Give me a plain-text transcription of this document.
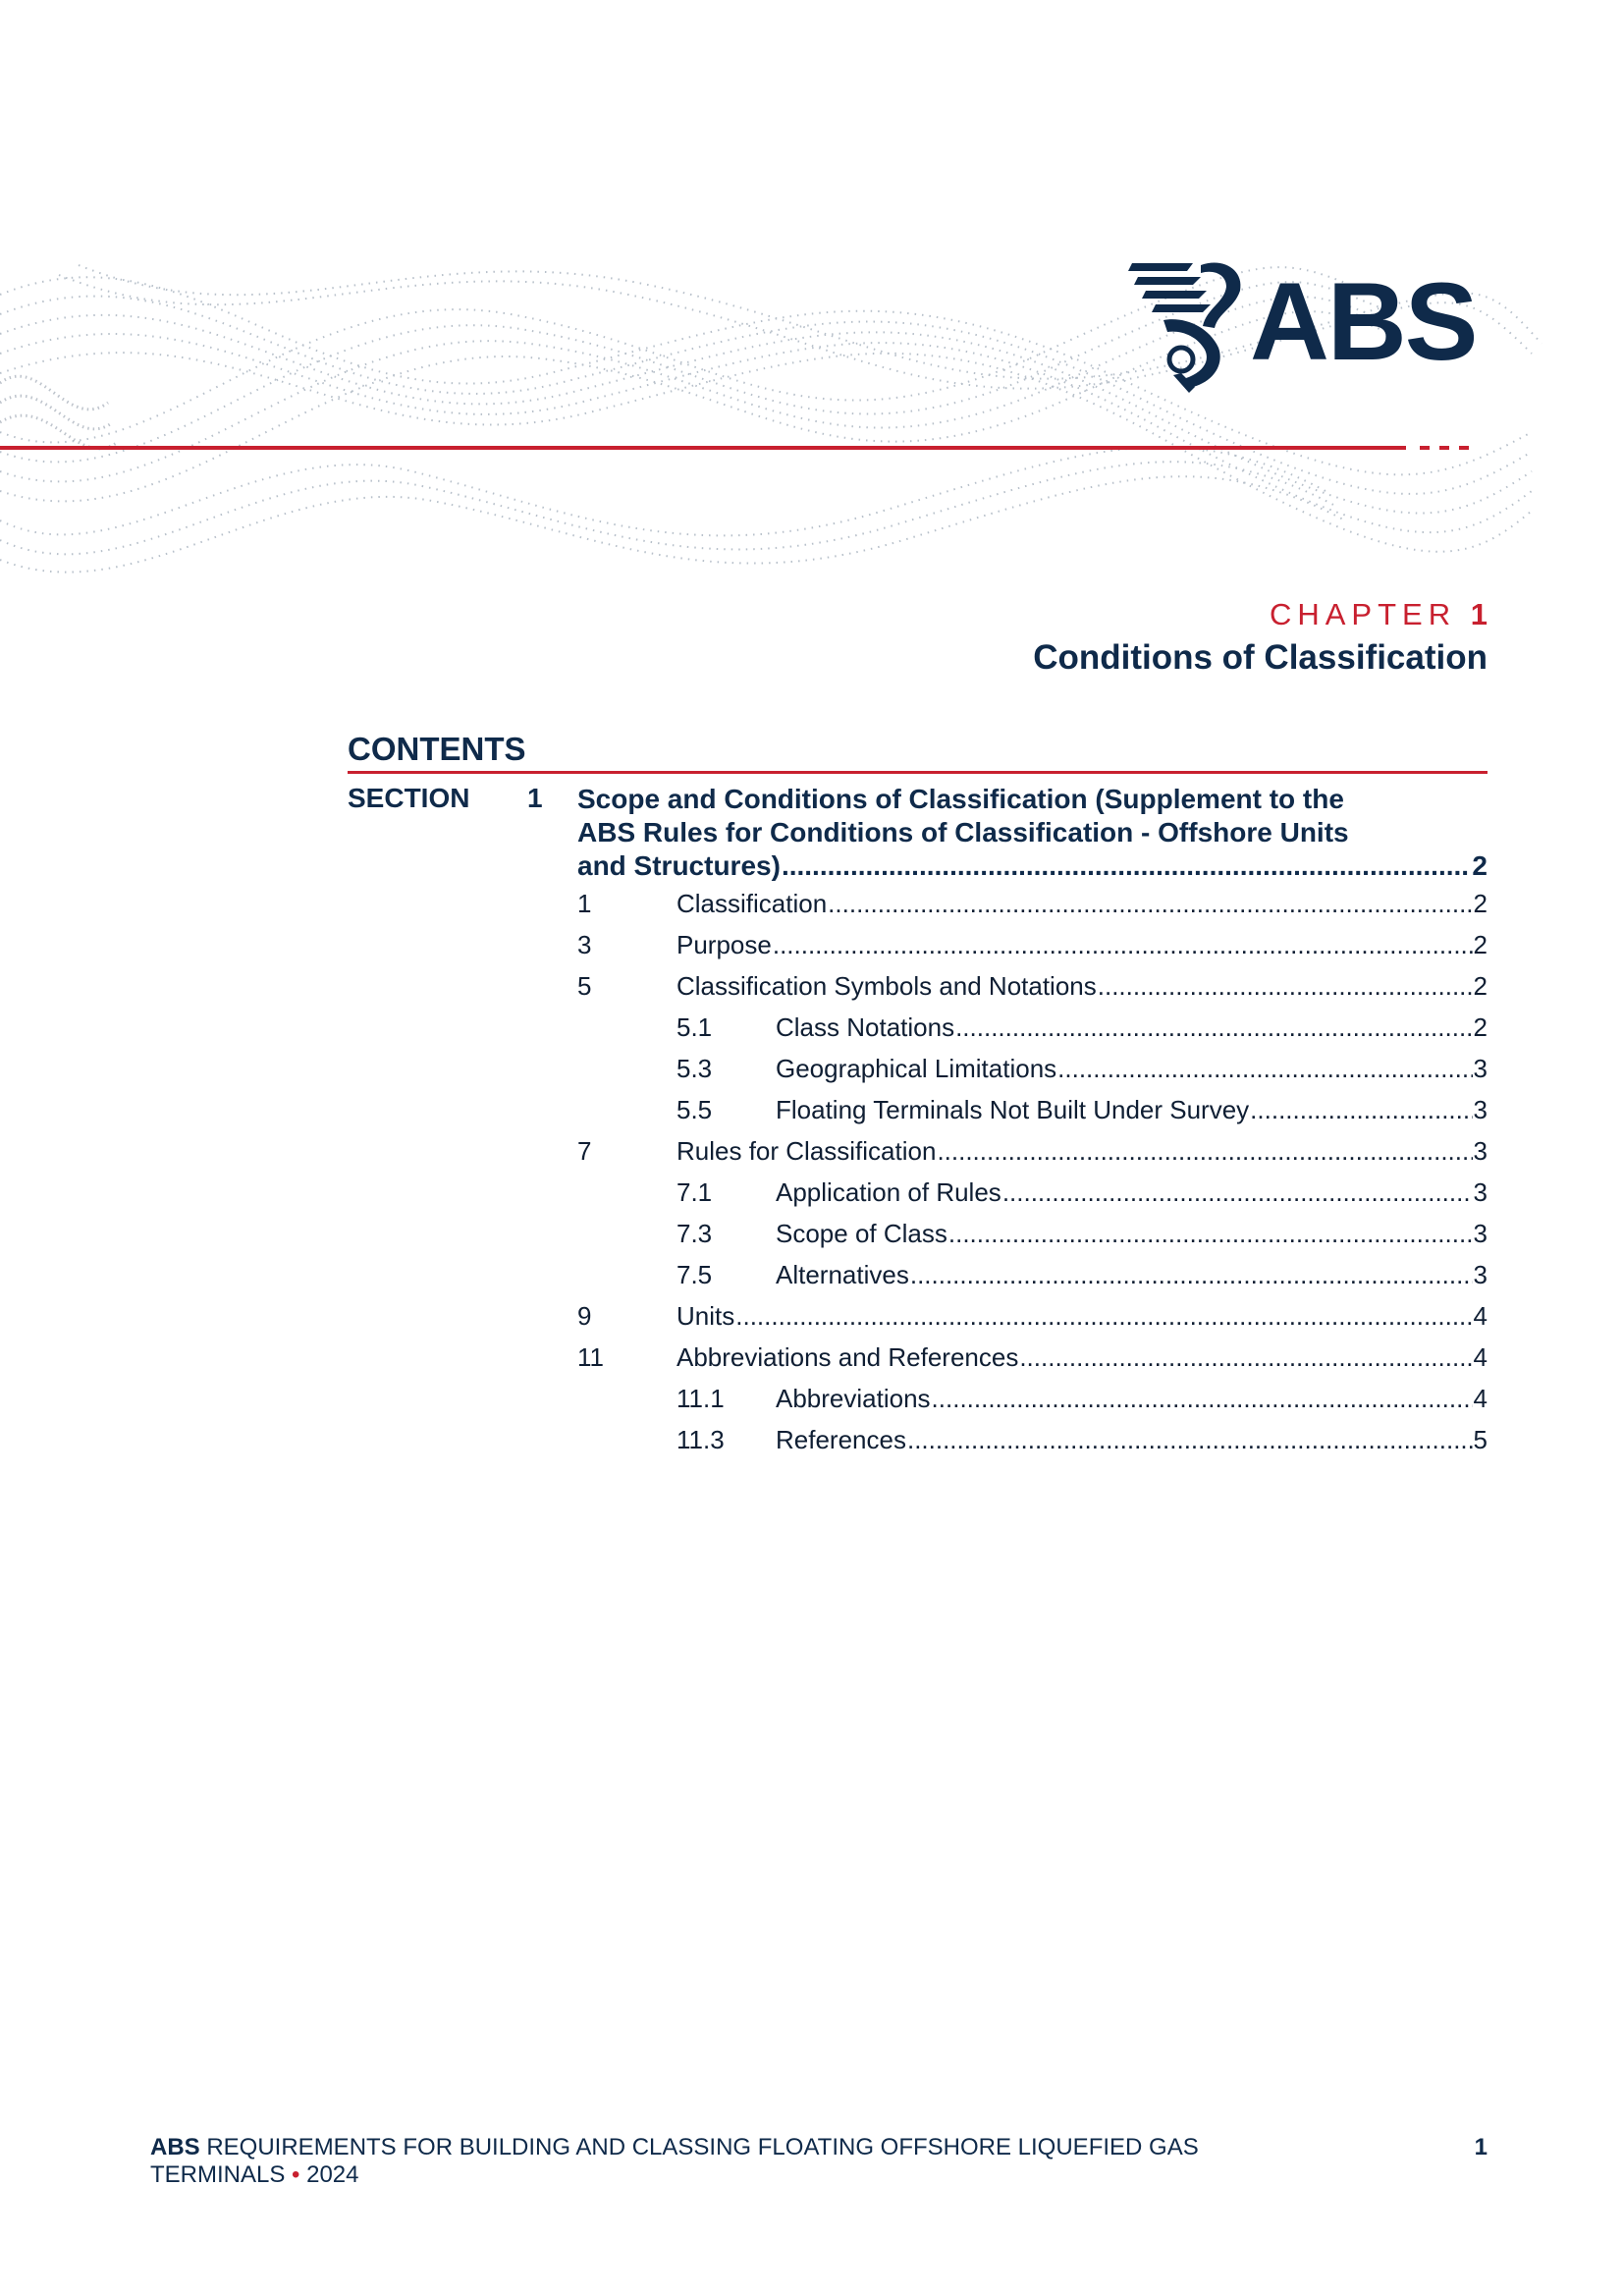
ABS
CHAPTER 1
Conditions of Classification
CONTENTS
SECTION 1 Scope and Conditions of Classification (Supplement to the
ABS Rules for Conditions of Classification - Offshore Units
and Structures) .....	2
1	Classification .....	2
3	Purpose .....	2
5	Classification Symbols and Notations .....	2
5.1	Class Notations .....	2
5.3	Geographical Limitations .....	3
5.5	Floating Terminals Not Built Under Survey .....	3
7	Rules for Classification .....	3
7.1	Application of Rules .....	3
7.3	Scope of Class .....	3
7.5	Alternatives .....	3
9	Units .....	4
11	Abbreviations and References .....	4
11.1	Abbreviations .....	4
11.3	References .....	5
ABS REQUIREMENTS FOR BUILDING AND CLASSING FLOATING OFFSHORE LIQUEFIED GAS
TERMINALS • 2024
1
